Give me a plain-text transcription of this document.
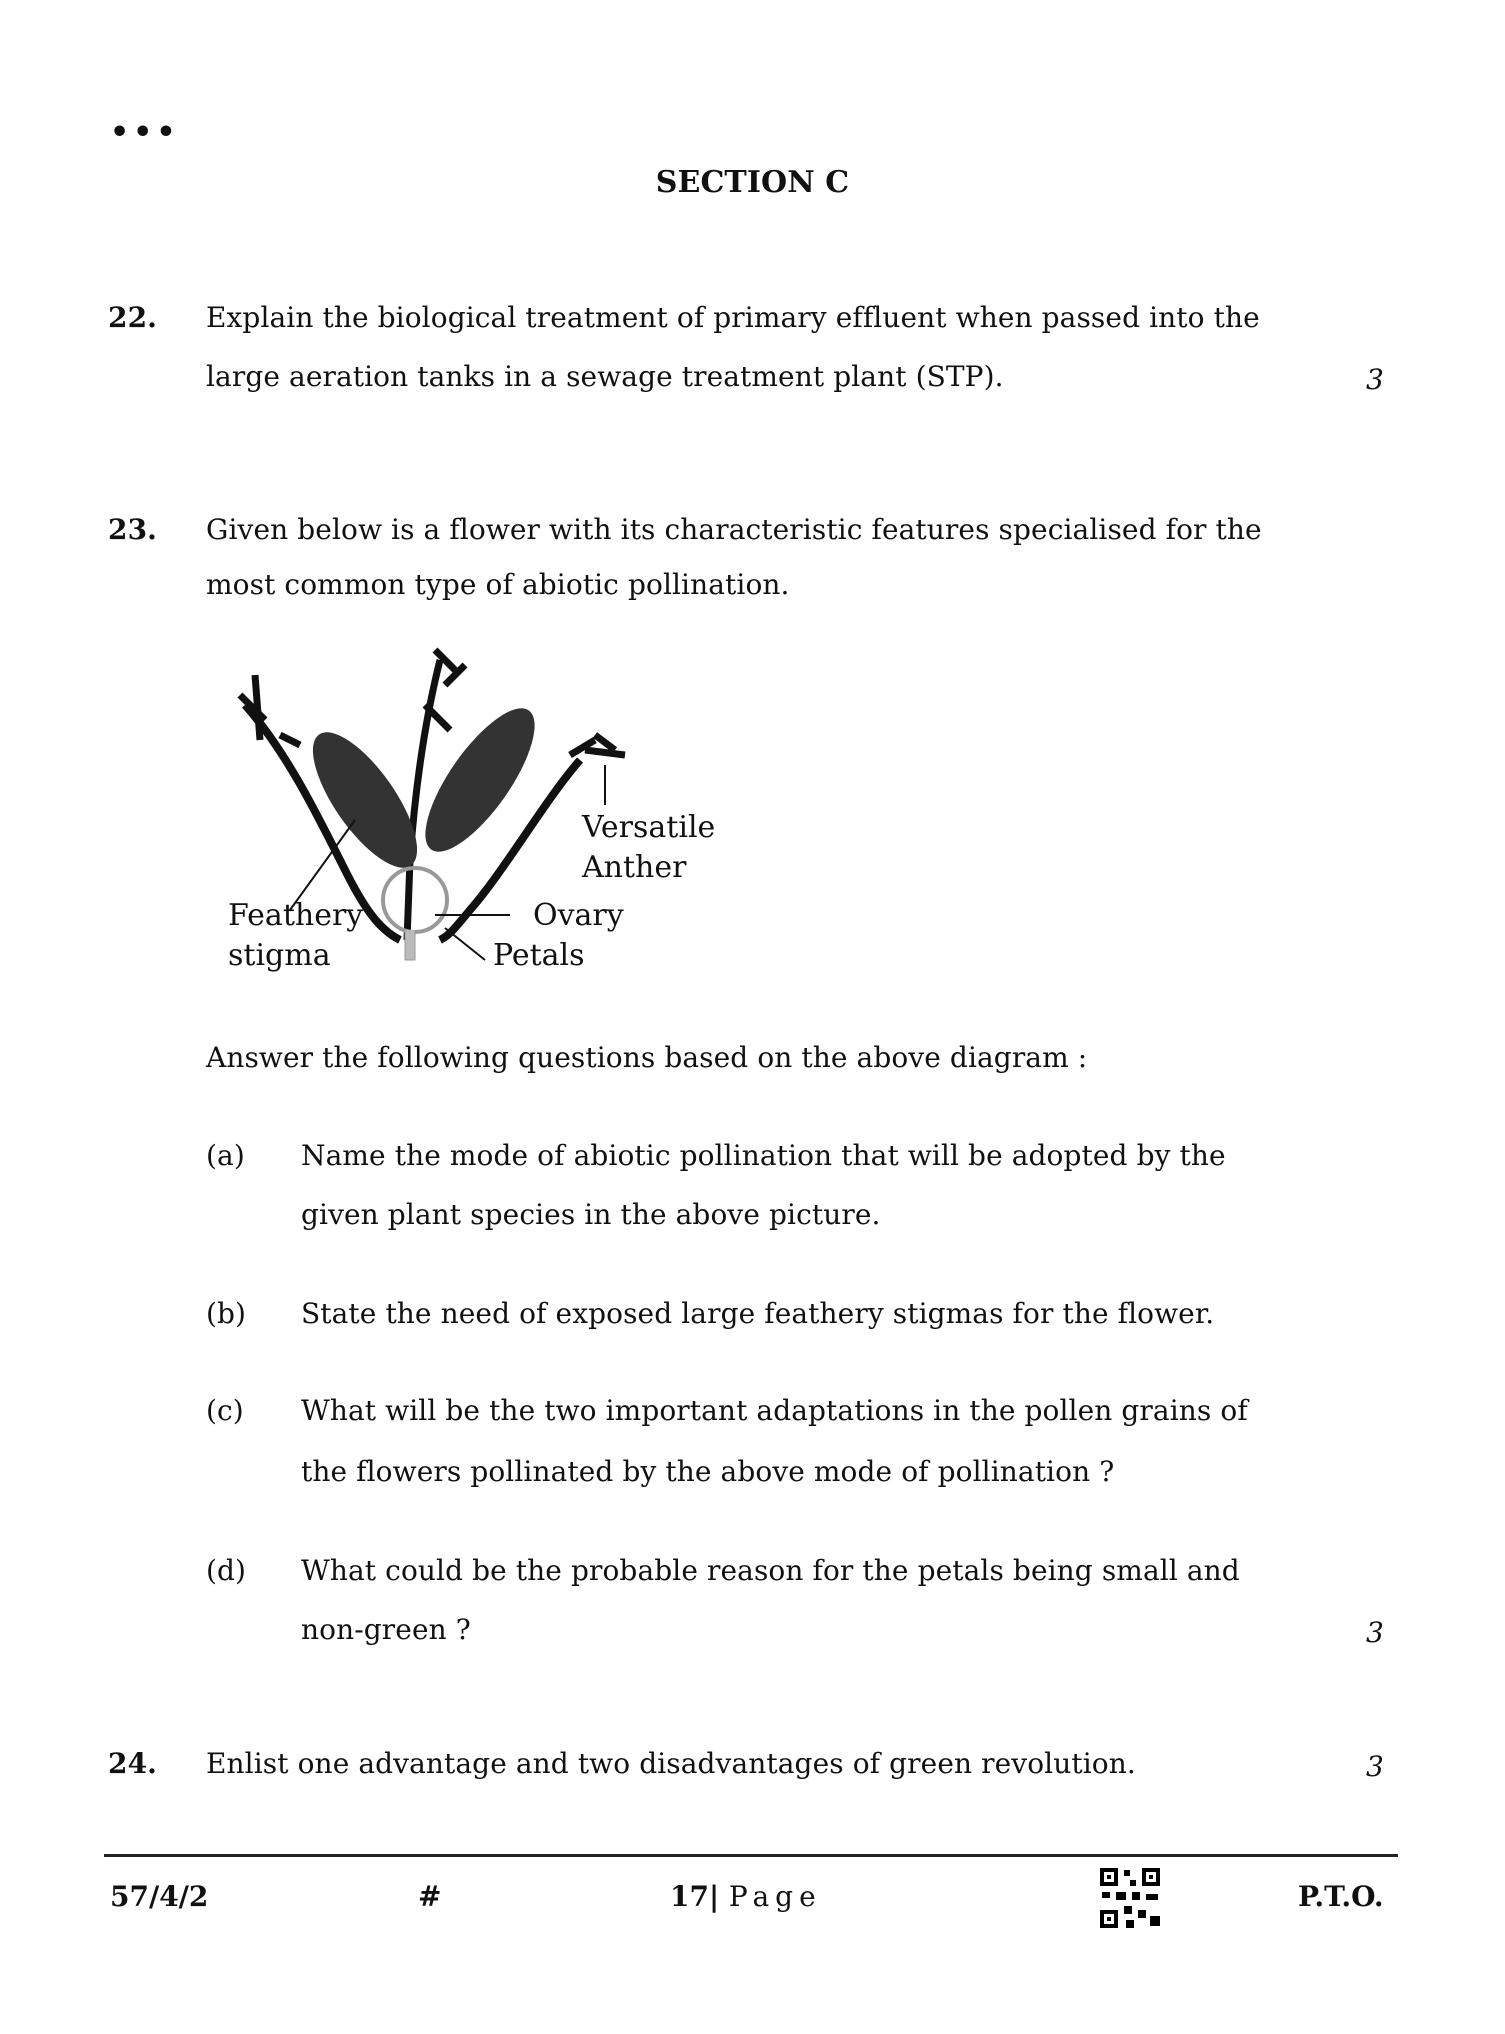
•••
SECTION C
22. Explain the biological treatment of primary effluent when passed into the
large aeration tanks in a sewage treatment plant (STP).	3
23. Given below is a flower with its characteristic features specialised for the
most common type of abiotic pollination.
Versatile
Anther
Feathery
stigma
Ovary
Petals
Answer the following questions based on the above diagram :
(a) Name the mode of abiotic pollination that will be adopted by the
given plant species in the above picture.
(b) State the need of exposed large feathery stigmas for the flower.
(c) What will be the two important adaptations in the pollen grains of
the flowers pollinated by the above mode of pollination ?
(d) What could be the probable reason for the petals being small and
non-green ?	3
24. Enlist one advantage and two disadvantages of green revolution.	3
57/4/2	#	17| Page	P.T.O.
